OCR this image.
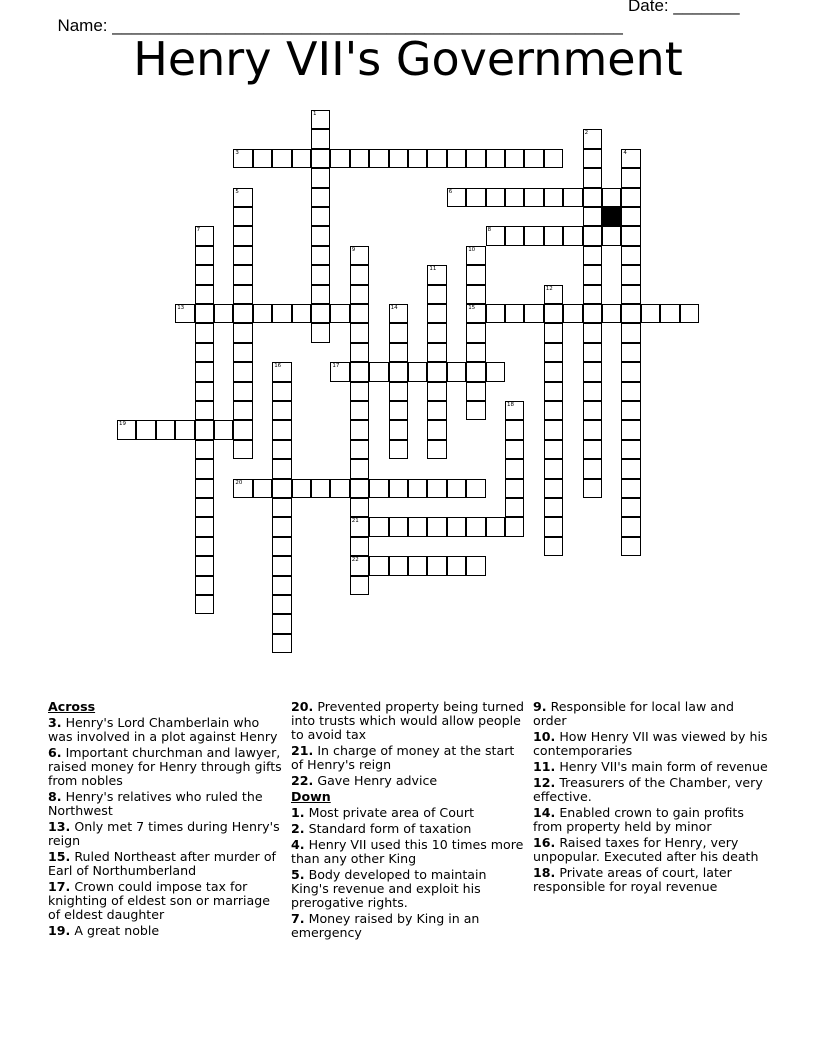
Name: ______________________________________________________

Date: _______

Henry VII's Government
1
2
3	4
5	6
7	8
9
21
22
10
15
11
12
13	14
16	17
18
19
20
Across
3. Henry's Lord Chamberlain who was involved in a plot against Henry
6. Important churchman and lawyer, raised money for Henry through gifts from nobles
8. Henry's relatives who ruled the Northwest
13. Only met 7 times during Henry's reign
15. Ruled Northeast after murder of Earl of Northumberland
17. Crown could impose tax for knighting of eldest son or marriage of eldest daughter
19. A great noble
20. Prevented property being turned into trusts which would allow people to avoid tax
21. In charge of money at the start of Henry's reign
22. Gave Henry advice
Down
1. Most private area of Court
2. Standard form of taxation
4. Henry VII used this 10 times more than any other King
5. Body developed to maintain King's revenue and exploit his prerogative rights.
7. Money raised by King in an emergency
9. Responsible for local law and order
10. How Henry VII was viewed by his contemporaries
11. Henry VII's main form of revenue
12. Treasurers of the Chamber, very effective.
14. Enabled crown to gain profits from property held by minor
16. Raised taxes for Henry, very unpopular. Executed after his death
18. Private areas of court, later responsible for royal revenue
